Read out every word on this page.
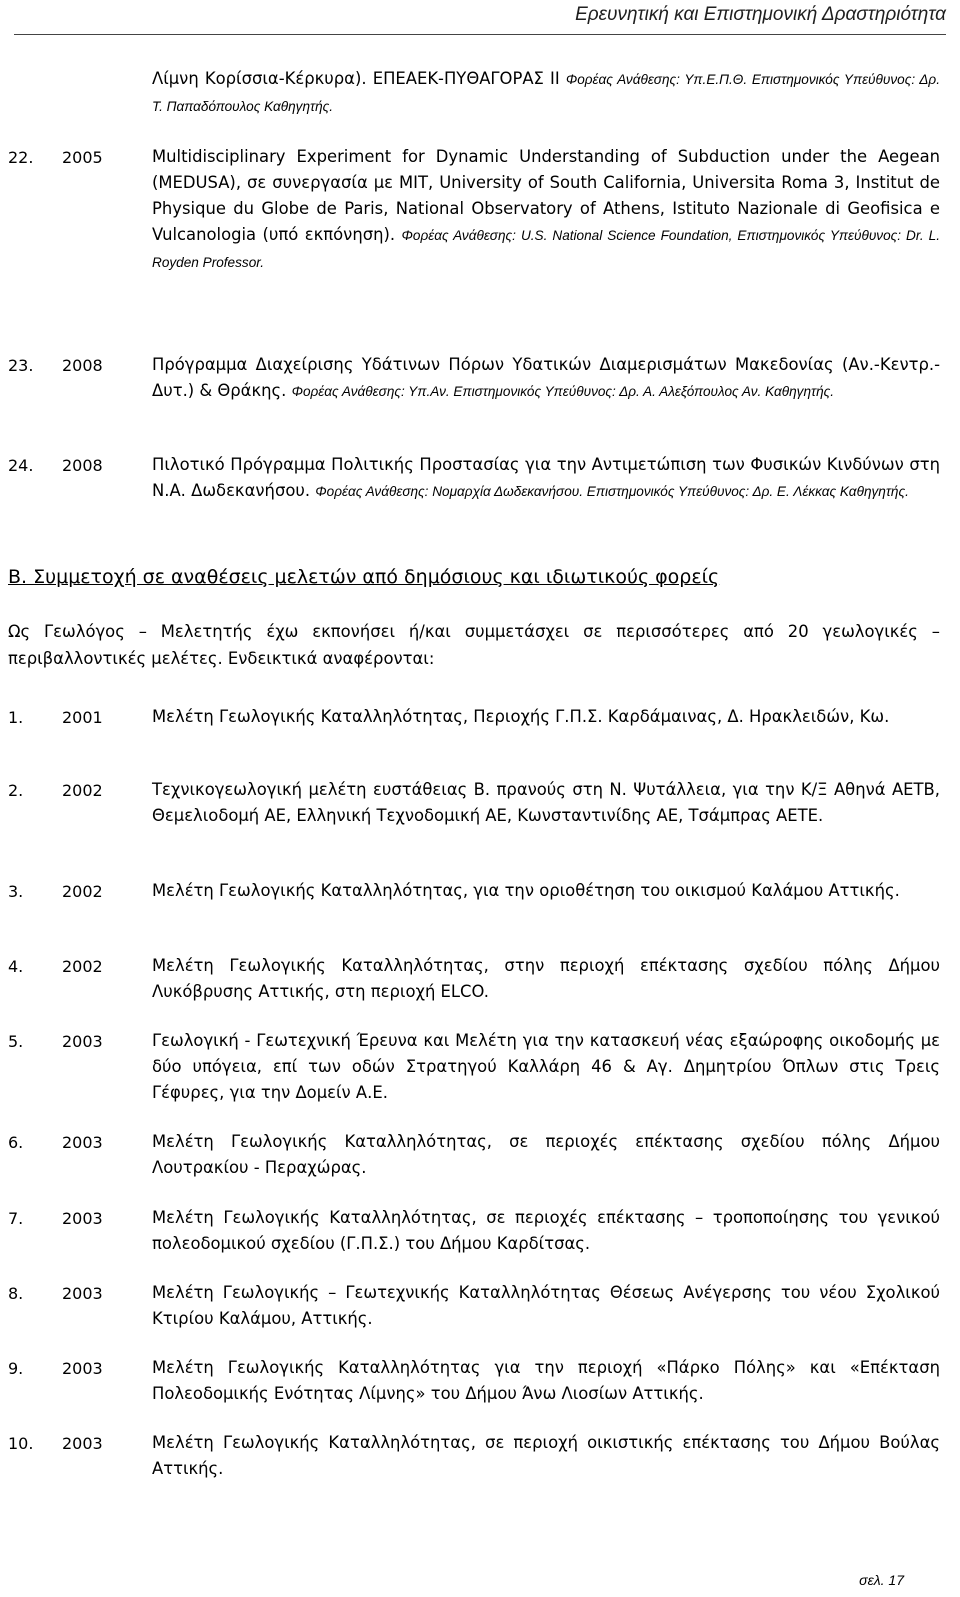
Ερευνητική και Επιστημονική Δραστηριότητα
Λίμνη Κορίσσια-Κέρκυρα). ΕΠΕΑΕΚ-ΠΥΘΑΓΟΡΑΣ ΙΙ Φορέας Ανάθεσης: Υπ.Ε.Π.Θ. Επιστημονικός Υπεύθυνος: Δρ. Τ. Παπαδόπουλος Καθηγητής.
22. 2005	Multidisciplinary Experiment for Dynamic Understanding of Subduction under the Aegean (MEDUSA), σε συνεργασία με MIT, University of South California, Universita Roma 3, Institut de Physique du Globe de Paris, National Observatory of Athens, Istituto Nazionale di Geofisica e Vulcanologia (υπό εκπόνηση). Φορέας Ανάθεσης: U.S. National Science Foundation, Επιστημονικός Υπεύθυνος: Dr. L. Royden Professor.
23. 2008	Πρόγραμμα Διαχείρισης Υδάτινων Πόρων Υδατικών Διαμερισμάτων Μακεδονίας (Αν.-Κεντρ.- Δυτ.) & Θράκης. Φορέας Ανάθεσης: Υπ.Αν. Επιστημονικός Υπεύθυνος: Δρ. Α. Αλεξόπουλος Αν. Καθηγητής.
24. 2008	Πιλοτικό Πρόγραμμα Πολιτικής Προστασίας για την Αντιμετώπιση των Φυσικών Κινδύνων στη Ν.Α. Δωδεκανήσου. Φορέας Ανάθεσης: Νομαρχία Δωδεκανήσου. Επιστημονικός Υπεύθυνος: Δρ. Ε. Λέκκας Καθηγητής.
B. Συμμετοχή σε αναθέσεις μελετών από δημόσιους και ιδιωτικούς φορείς
Ως Γεωλόγος – Μελετητής έχω εκπονήσει ή/και συμμετάσχει σε περισσότερες από 20 γεωλογικές – περιβαλλοντικές μελέτες. Ενδεικτικά αναφέρονται:
1. 2001	Μελέτη Γεωλογικής Καταλληλότητας, Περιοχής Γ.Π.Σ. Καρδάμαινας, Δ. Ηρακλειδών, Κω.
2. 2002	Τεχνικογεωλογική μελέτη ευστάθειας Β. πρανούς στη Ν. Ψυτάλλεια, για την Κ/Ξ Αθηνά ΑΕΤΒ, Θεμελιοδομή ΑΕ, Ελληνική Τεχνοδομική ΑΕ, Κωνσταντινίδης ΑΕ, Τσάμπρας ΑΕΤΕ.
3. 2002	Μελέτη Γεωλογικής Καταλληλότητας, για την οριοθέτηση του οικισμού Καλάμου Αττικής.
4. 2002	Μελέτη Γεωλογικής Καταλληλότητας, στην περιοχή επέκτασης σχεδίου πόλης Δήμου Λυκόβρυσης Αττικής, στη περιοχή ELCO.
5. 2003	Γεωλογική - Γεωτεχνική Έρευνα και Μελέτη για την κατασκευή νέας εξαώροφης οικοδομής με δύο υπόγεια, επί των οδών Στρατηγού Καλλάρη 46 & Αγ. Δημητρίου Όπλων στις Τρεις Γέφυρες, για την Δομείν Α.Ε.
6. 2003	Μελέτη Γεωλογικής Καταλληλότητας, σε περιοχές επέκτασης σχεδίου πόλης Δήμου Λουτρακίου - Περαχώρας.
7. 2003	Μελέτη Γεωλογικής Καταλληλότητας, σε περιοχές επέκτασης – τροποποίησης του γενικού πολεοδομικού σχεδίου (Γ.Π.Σ.) του Δήμου Καρδίτσας.
8. 2003	Μελέτη Γεωλογικής – Γεωτεχνικής Καταλληλότητας Θέσεως Ανέγερσης του νέου Σχολικού Κτιρίου Καλάμου, Αττικής.
9. 2003	Μελέτη Γεωλογικής Καταλληλότητας για την περιοχή «Πάρκο Πόλης» και «Επέκταση Πολεοδομικής Ενότητας Λίμνης» του Δήμου Άνω Λιοσίων Αττικής.
10. 2003	Μελέτη Γεωλογικής Καταλληλότητας, σε περιοχή οικιστικής επέκτασης του Δήμου Βούλας Αττικής.
σελ. 17
